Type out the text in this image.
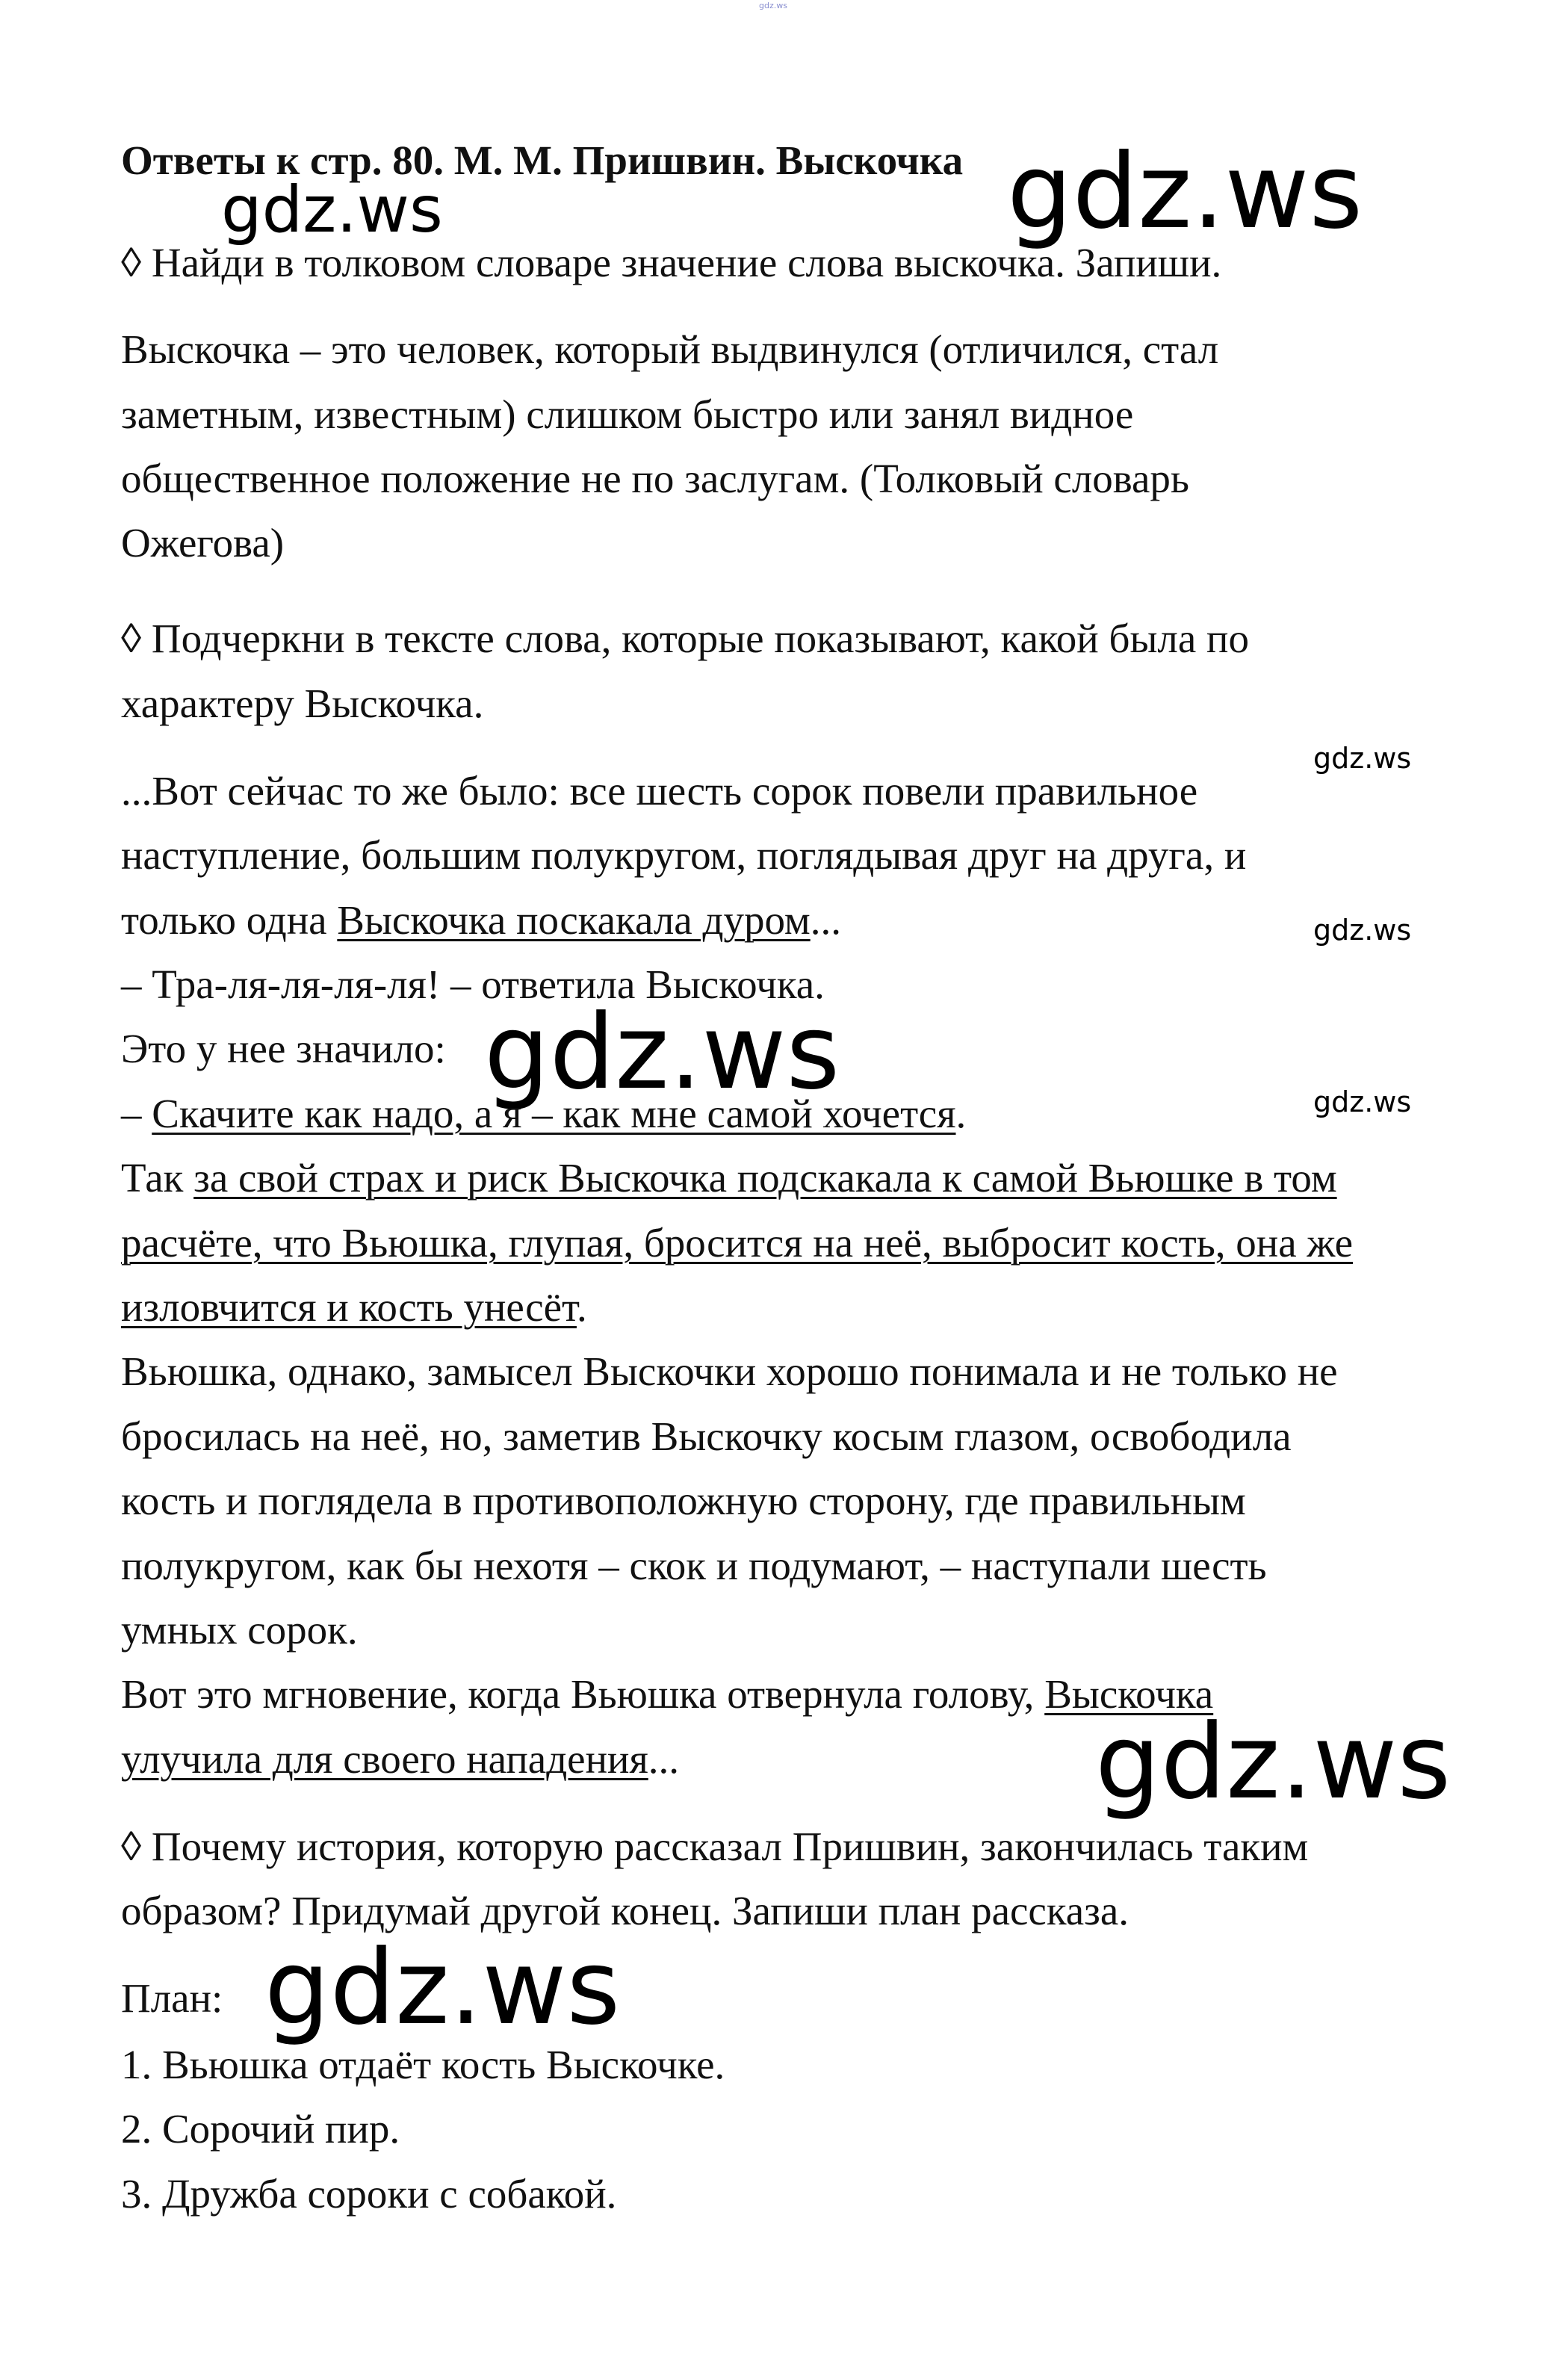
gdz.ws
gdz.ws	gdz.ws
gdz.ws
gdz.ws
gdz.ws	gdz.ws
gdz.ws
gdz.ws
Ответы к стр. 80. М. М. Пришвин. Выскочка
◊ Найди в толковом словаре значение слова выскочка. Запиши.
Выскочка – это человек, который выдвинулся (отличился, стал
заметным, известным) слишком быстро или занял видное
общественное положение не по заслугам. (Толковый словарь
Ожегова)
◊ Подчеркни в тексте слова, которые показывают, какой была по
характеру Выскочка.
...Вот сейчас то же было: все шесть сорок повели правильное
наступление, большим полукругом, поглядывая друг на друга, и
только одна Выскочка поскакала дуром...
– Тра-ля-ля-ля-ля! – ответила Выскочка.
Это у нее значило:
– Скачите как надо, а я – как мне самой хочется.
Так за свой страх и риск Выскочка подскакала к самой Вьюшке в том
расчёте, что Вьюшка, глупая, бросится на неё, выбросит кость, она же
изловчится и кость унесёт.
Вьюшка, однако, замысел Выскочки хорошо понимала и не только не
бросилась на неё, но, заметив Выскочку косым глазом, освободила
кость и поглядела в противоположную сторону, где правильным
полукругом, как бы нехотя – скок и подумают, – наступали шесть
умных сорок.
Вот это мгновение, когда Вьюшка отвернула голову, Выскочка
улучила для своего нападения...
◊ Почему история, которую рассказал Пришвин, закончилась таким
образом? Придумай другой конец. Запиши план рассказа.
План:
1. Вьюшка отдаёт кость Выскочке.
2. Сорочий пир.
3. Дружба сороки с собакой.
